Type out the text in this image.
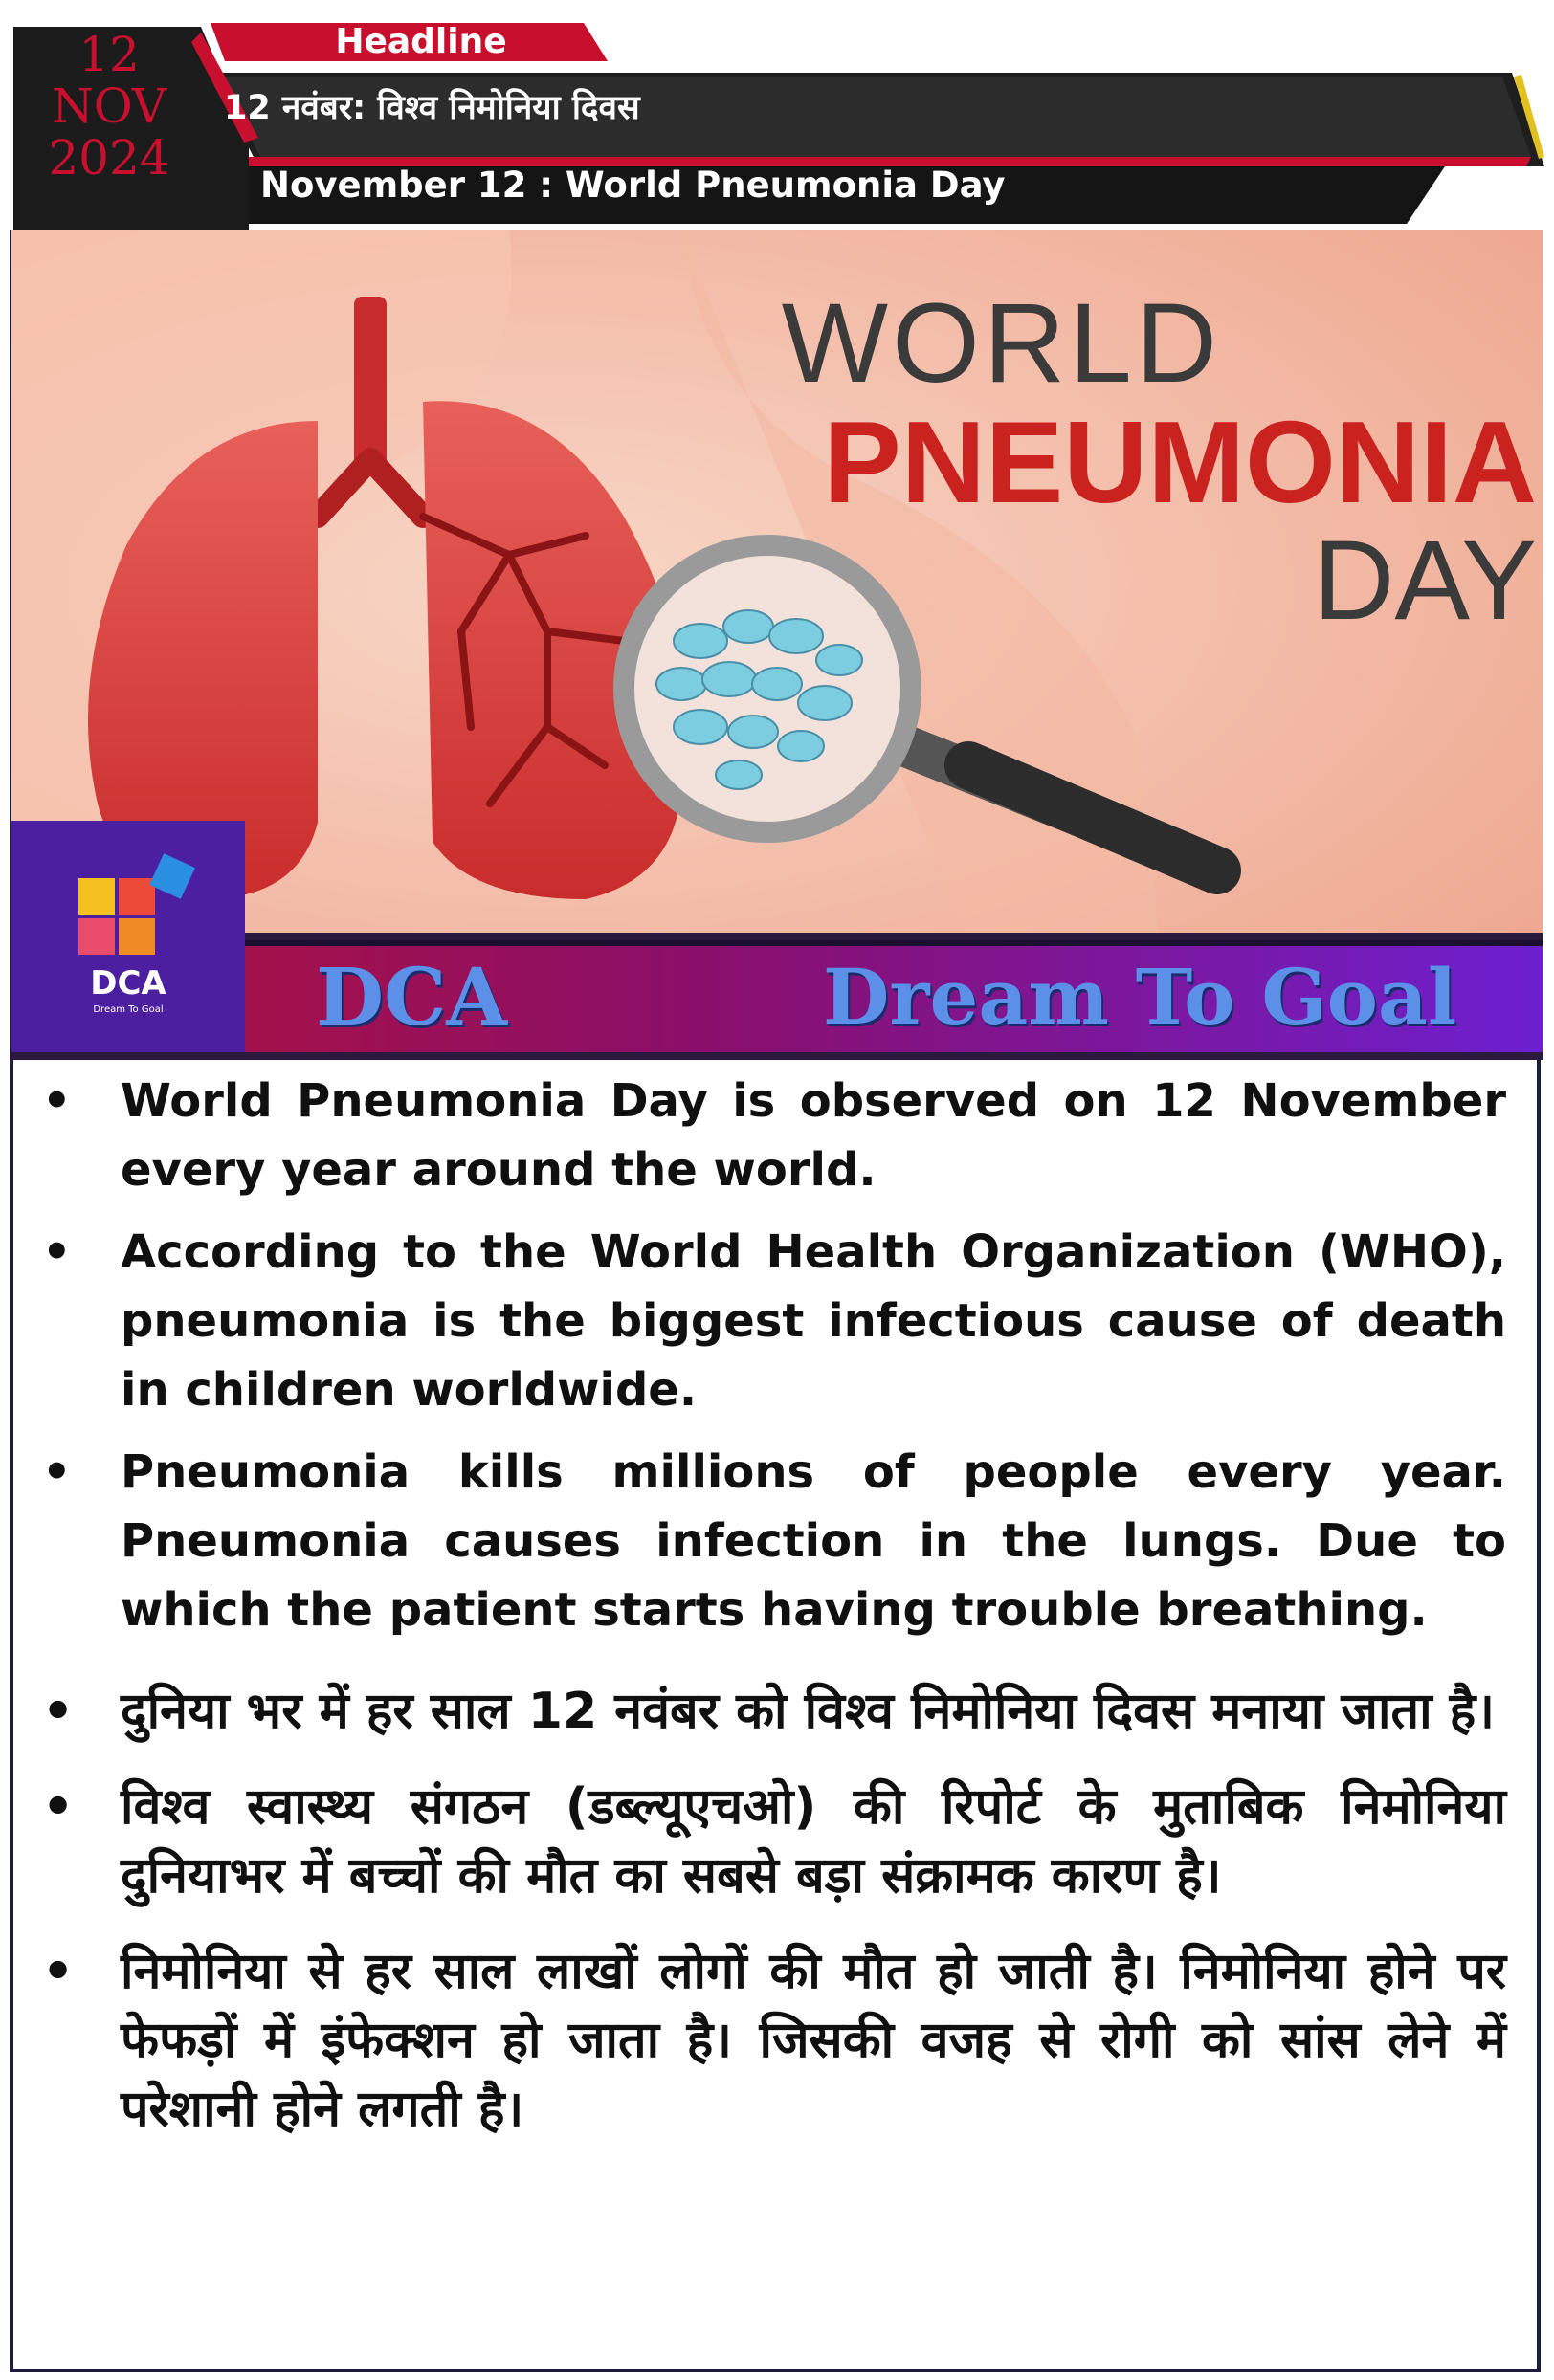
12
NOV
2024
Headline
12 नवंबर: विश्व निमोनिया दिवस
November 12 : World Pneumonia Day
WORLD
PNEUMONIA
DAY
DCA
Dream To Goal	DCA	Dream To Goal

• World Pneumonia Day is observed on 12 November every year around the world.

• According to the World Health Organization (WHO), pneumonia is the biggest infectious cause of death in children worldwide.

• Pneumonia kills millions of people every year. Pneumonia causes infection in the lungs. Due to which the patient starts having trouble breathing.

• दुनिया भर में हर साल 12 नवंबर को विश्व निमोनिया दिवस मनाया जाता है।

• विश्व स्वास्थ्य संगठन (डब्ल्यूएचओ) की रिपोर्ट के मुताबिक निमोनिया दुनियाभर में बच्चों की मौत का सबसे बड़ा संक्रामक कारण है।

• निमोनिया से हर साल लाखों लोगों की मौत हो जाती है। निमोनिया होने पर फेफड़ों में इंफेक्शन हो जाता है। जिसकी वजह से रोगी को सांस लेने में परेशानी होने लगती है।
